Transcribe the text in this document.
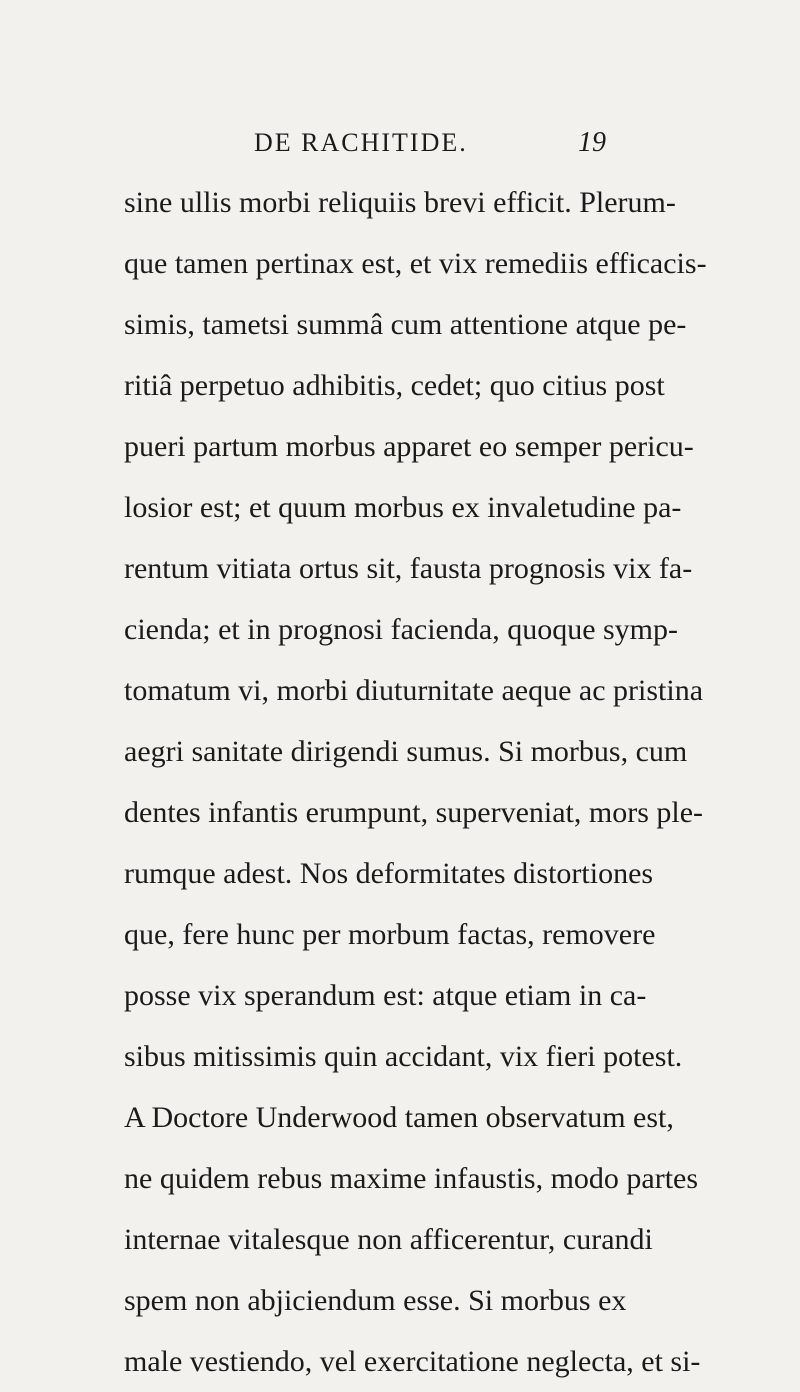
DE RACHITIDE.	19
sine ullis morbi reliquiis brevi efficit. Plerum-
que tamen pertinax est, et vix remediis efficacis-
simis, tametsi summâ cum attentione atque pe-
ritiâ perpetuo adhibitis, cedet; quo citius post
pueri partum morbus apparet eo semper pericu-
losior est; et quum morbus ex invaletudine pa-
rentum vitiata ortus sit, fausta prognosis vix fa-
cienda; et in prognosi facienda, quoque symp-
tomatum vi, morbi diuturnitate aeque ac pristina
aegri sanitate dirigendi sumus. Si morbus, cum
dentes infantis erumpunt, superveniat, mors ple-
rumque adest. Nos deformitates distortiones
que, fere hunc per morbum factas, removere
posse vix sperandum est: atque etiam in ca-
sibus mitissimis quin accidant, vix fieri potest.
A Doctore Underwood tamen observatum est,
ne quidem rebus maxime infaustis, modo partes
internae vitalesque non afficerentur, curandi
spem non abjiciendum esse. Si morbus ex
male vestiendo, vel exercitatione neglecta, et si-
